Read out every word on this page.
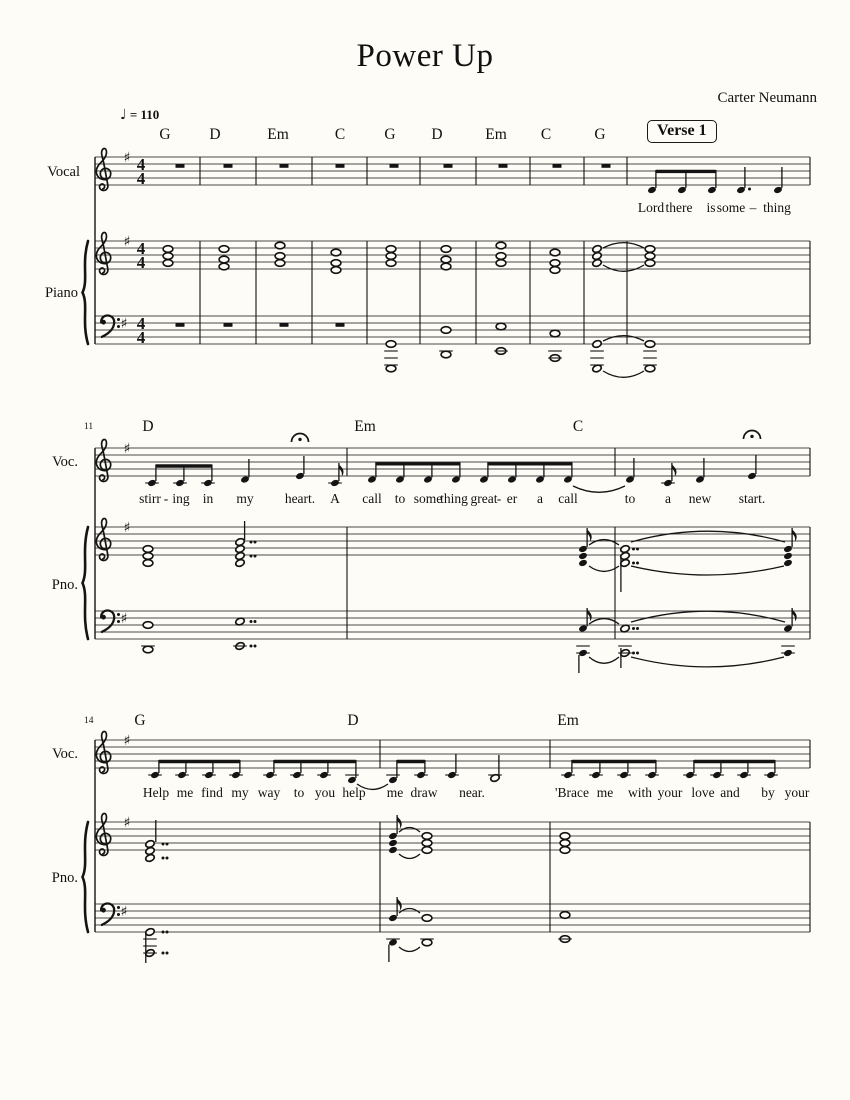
♯
♯
♯
♯
♯
♯
♯
♯
♯
4
4
4
4
4
4
Power Up
Carter Neumann
♩ = 110
Verse 1
G	D	Em	C	G D	Em C	G
D	Em	C
G	D	Em
Lord there is some – thing
stirr - ing in my heart. A call to some
thing great - er a call	to a new start.
Help me find my way to you help me draw near.	'Brace me with your love and by your
Vocal
Piano
Voc.
Pno.
Voc.
Pno.
11
14
